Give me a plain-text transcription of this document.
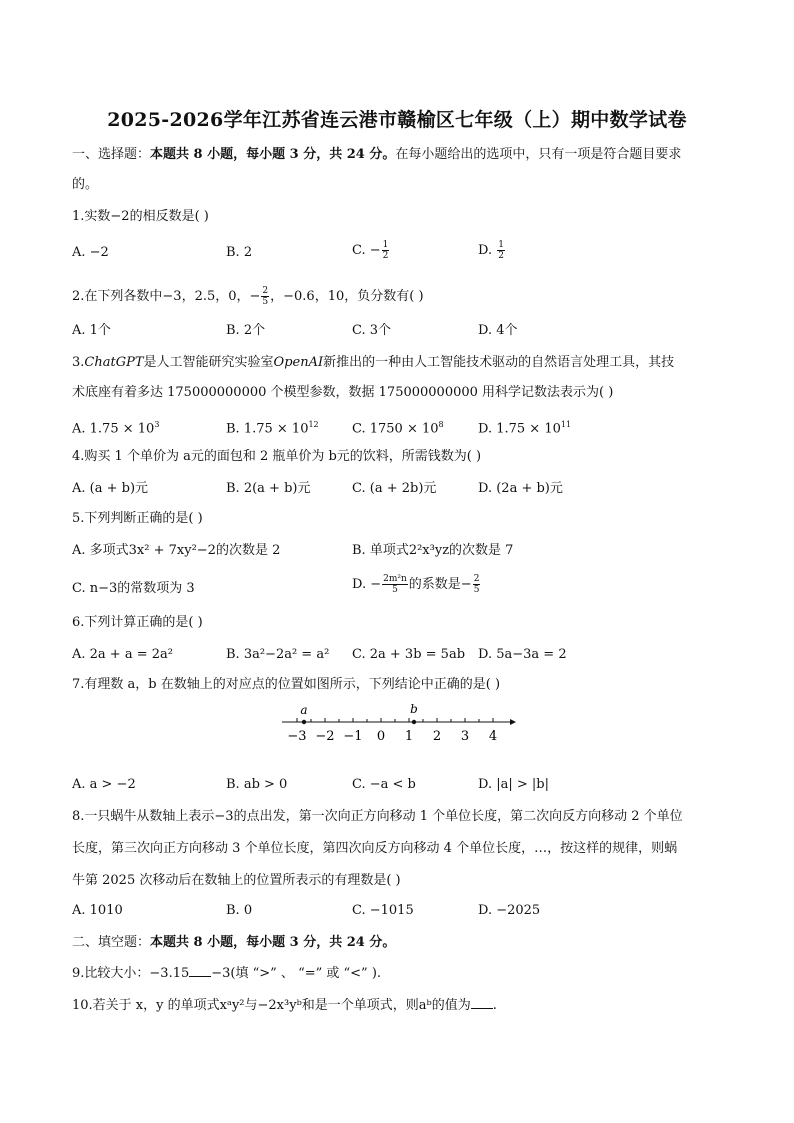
2025-2026学年江苏省连云港市赣榆区七年级（上）期中数学试卷
一、选择题：本题共 8 小题，每小题 3 分，共 24 分。在每小题给出的选项中，只有一项是符合题目要求
的。
1.实数−2的相反数是( )
A. −2	B. 2	C. − $\frac{1}{2}$	D. $\frac{1}{2}$
2.在下列各数中−3，2.5，0，− $\frac{2}{5}$ ，−0.6，10，负分数有( )
A. 1个	B. 2个	C. 3个	D. 4个
3.ChatGPT是人工智能研究实验室OpenAI新推出的一种由人工智能技术驱动的自然语言处理工具，其技
术底座有着多达 175000000000 个模型参数，数据 175000000000 用科学记数法表示为( )
A. $1.75 \times 10^3$	B. $1.75 \times 10^{12}$	C. $1750 \times 10^8$	D. $1.75 \times 10^{11}$
4.购买 1 个单价为 a元的面包和 2 瓶单价为 b元的饮料，所需钱数为( )
A. (a + b)元	B. 2(a + b)元	C. (a + 2b)元	D. (2a + b)元
5.下列判断正确的是( )
A. 多项式3x² + 7xy²−2的次数是 2	B. 单项式2²x³yz的次数是 7
C. n−3的常数项为 3	D. − $\frac{\text{2m²n}}{5}$ 的系数是− $\frac{2}{5}$
6.下列计算正确的是( )
A. 2a + a = 2a²	B. 3a²−2a² = a² C. 2a + 3b = 5ab D. 5a−3a = 2
7.有理数 a，b 在数轴上的对应点的位置如图所示，下列结论中正确的是( )
−3 −2 −1 0 1 2 3 4
a	b
A. a > −2	B. ab > 0	C. −a < b	D. |a| > |b|
8.一只蜗牛从数轴上表示−3的点出发，第一次向正方向移动 1 个单位长度，第二次向反方向移动 2 个单位
长度，第三次向正方向移动 3 个单位长度，第四次向反方向移动 4 个单位长度，…，按这样的规律，则蜗
牛第 2025 次移动后在数轴上的位置所表示的有理数是( )
A. 1010	B. 0	C. −1015	D. −2025
二、填空题：本题共 8 小题，每小题 3 分，共 24 分。
9.比较大小：−3.15 −3(填 “>” 、 “=” 或 “<” ).
10.若关于 x，y 的单项式xᵃy²与−2x³yᵇ和是一个单项式，则aᵇ的值为 .
